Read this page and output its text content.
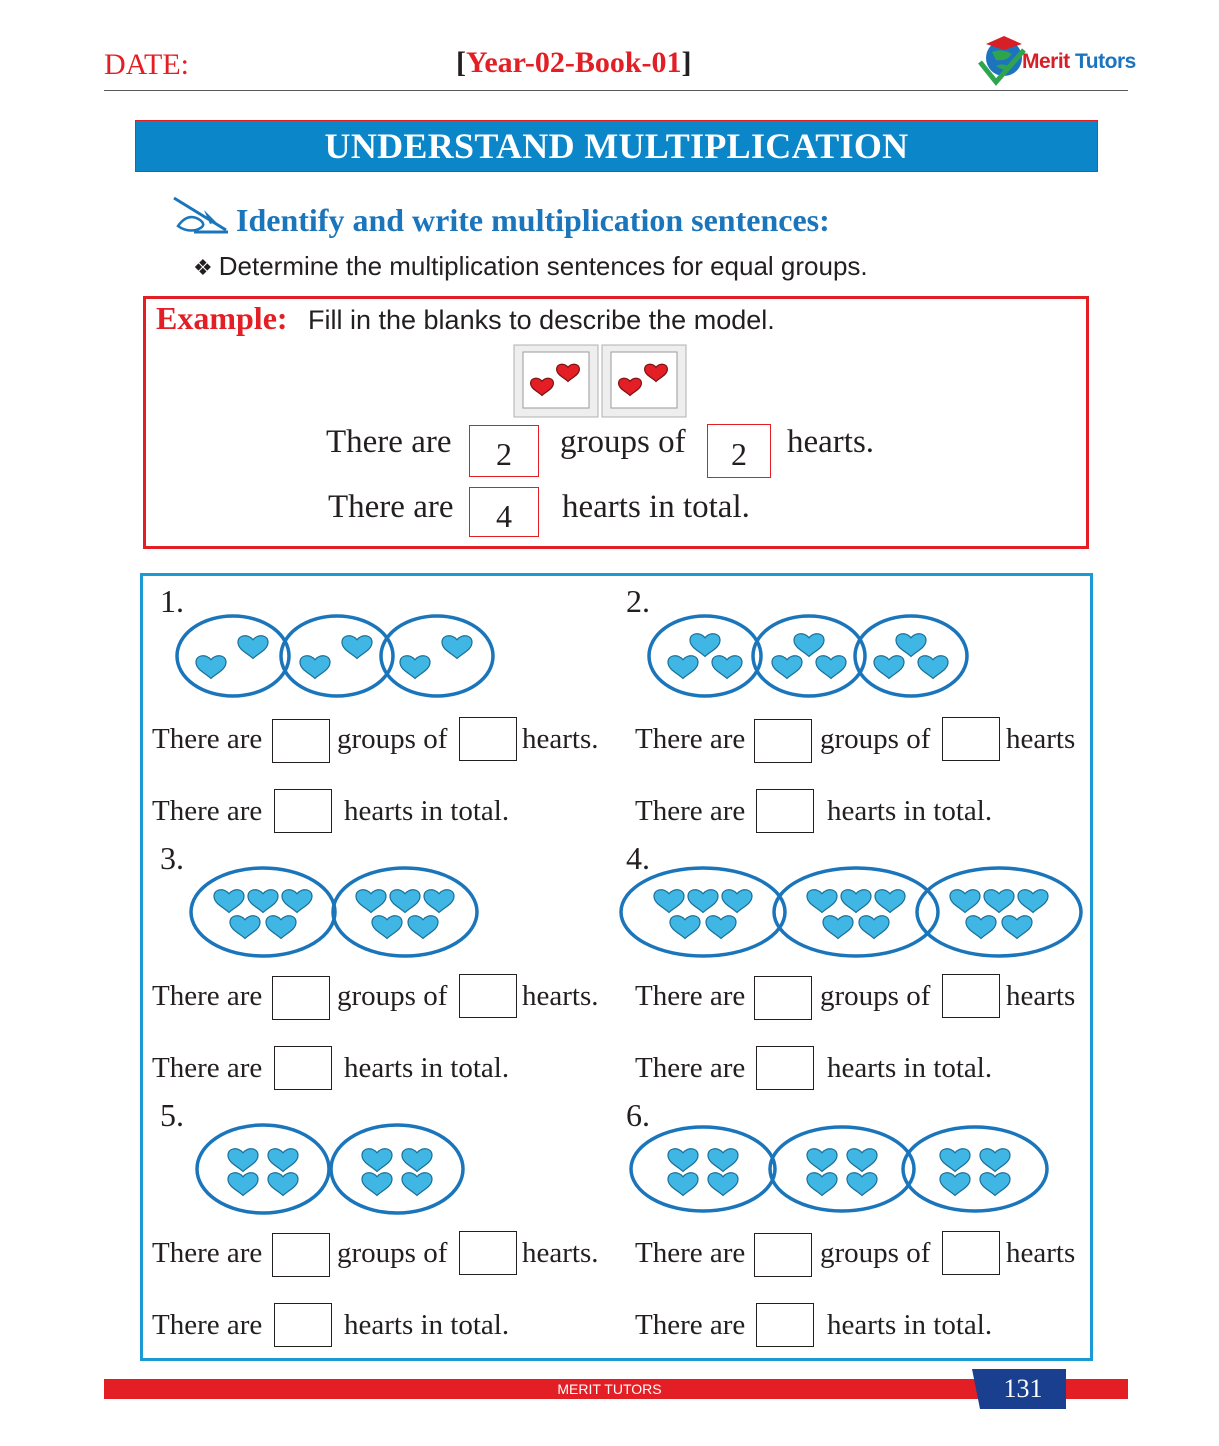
DATE:	[Year-02-Book-01]	Merit Tutors
UNDERSTAND MULTIPLICATION
Identify and write multiplication sentences:
❖ Determine the multiplication sentences for equal groups.
Example: Fill in the blanks to describe the model.
There are	2	groups of	2	hearts.
There are	4	hearts in total.
1.
There are	groups of	hearts.
There are	hearts in total.
2.
There are	groups of	hearts
There are	hearts in total.
3.
There are	groups of	hearts.
There are	hearts in total.
4.
There are	groups of	hearts
There are	hearts in total.
5.
There are	groups of	hearts.
There are	hearts in total.
6.
There are	groups of	hearts
There are	hearts in total.
MERIT TUTORS	131
